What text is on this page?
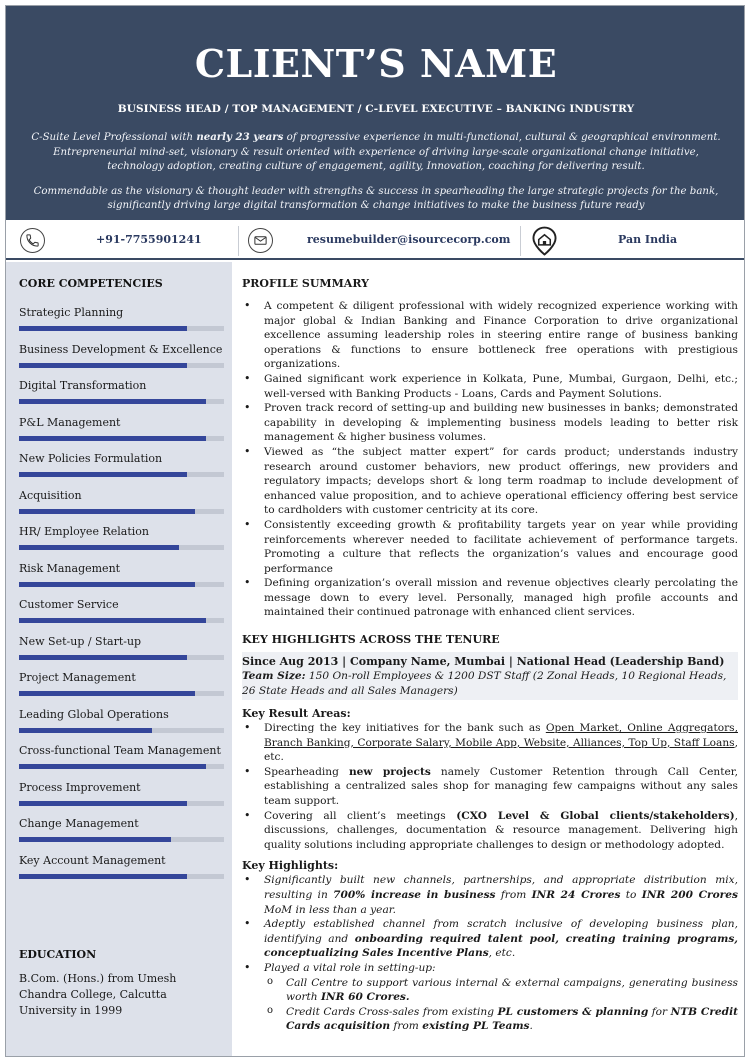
CLIENT’S NAME
BUSINESS HEAD / TOP MANAGEMENT / C-LEVEL EXECUTIVE – BANKING INDUSTRY
C-Suite Level Professional with nearly 23 years of progressive experience in multi-functional, cultural & geographical environment. Entrepreneurial mind-set, visionary & result oriented with experience of driving large-scale organizational change initiative, technology adoption, creating culture of engagement, agility, Innovation, coaching for delivering result.
Commendable as the visionary & thought leader with strengths & success in spearheading the large strategic projects for the bank, significantly driving large digital transformation & change initiatives to make the business future ready
+91-7755901241	resumebuilder@isourcecorp.com	Pan India
CORE COMPETENCIES
Strategic Planning
Business Development & Excellence
Digital Transformation
P&L Management
New Policies Formulation
Acquisition
HR/ Employee Relation
Risk Management
Customer Service
New Set-up / Start-up
Project Management
Leading Global Operations
Cross-functional Team Management
Process Improvement
Change Management
Key Account Management
EDUCATION
B.Com. (Hons.) from Umesh Chandra College, Calcutta University in 1999
PROFILE SUMMARY
• A competent & diligent professional with widely recognized experience working with major global & Indian Banking and Finance Corporation to drive organizational excellence assuming leadership roles in steering entire range of business banking operations & functions to ensure bottleneck free operations with prestigious organizations.
• Gained significant work experience in Kolkata, Pune, Mumbai, Gurgaon, Delhi, etc.; well-versed with Banking Products - Loans, Cards and Payment Solutions.
• Proven track record of setting-up and building new businesses in banks; demonstrated capability in developing & implementing business models leading to better risk management & higher business volumes.
• Viewed as “the subject matter expert” for cards product; understands industry research around customer behaviors, new product offerings, new providers and regulatory impacts; develops short & long term roadmap to include development of enhanced value proposition, and to achieve operational efficiency offering best service to cardholders with customer centricity at its core.
• Consistently exceeding growth & profitability targets year on year while providing reinforcements wherever needed to facilitate achievement of performance targets. Promoting a culture that reflects the organization’s values and encourage good performance
• Defining organization’s overall mission and revenue objectives clearly percolating the message down to every level. Personally, managed high profile accounts and maintained their continued patronage with enhanced client services.
KEY HIGHLIGHTS ACROSS THE TENURE
Since Aug 2013 | Company Name, Mumbai | National Head (Leadership Band)
Team Size: 150 On-roll Employees & 1200 DST Staff (2 Zonal Heads, 10 Regional Heads, 26 State Heads and all Sales Managers)
Key Result Areas:
• Directing the key initiatives for the bank such as Open Market, Online Aggregators, Branch Banking, Corporate Salary, Mobile App, Website, Alliances, Top Up, Staff Loans, etc.
• Spearheading new projects namely Customer Retention through Call Center, establishing a centralized sales shop for managing few campaigns without any sales team support.
• Covering all client’s meetings (CXO Level & Global clients/stakeholders), discussions, challenges, documentation & resource management. Delivering high quality solutions including appropriate challenges to design or methodology adopted.
Key Highlights:
• Significantly built new channels, partnerships, and appropriate distribution mix, resulting in 700% increase in business from INR 24 Crores to INR 200 Crores MoM in less than a year.
• Adeptly established channel from scratch inclusive of developing business plan, identifying and onboarding required talent pool, creating training programs, conceptualizing Sales Incentive Plans, etc.
• Played a vital role in setting-up:
o Call Centre to support various internal & external campaigns, generating business worth INR 60 Crores.
o Credit Cards Cross-sales from existing PL customers & planning for NTB Credit Cards acquisition from existing PL Teams.
